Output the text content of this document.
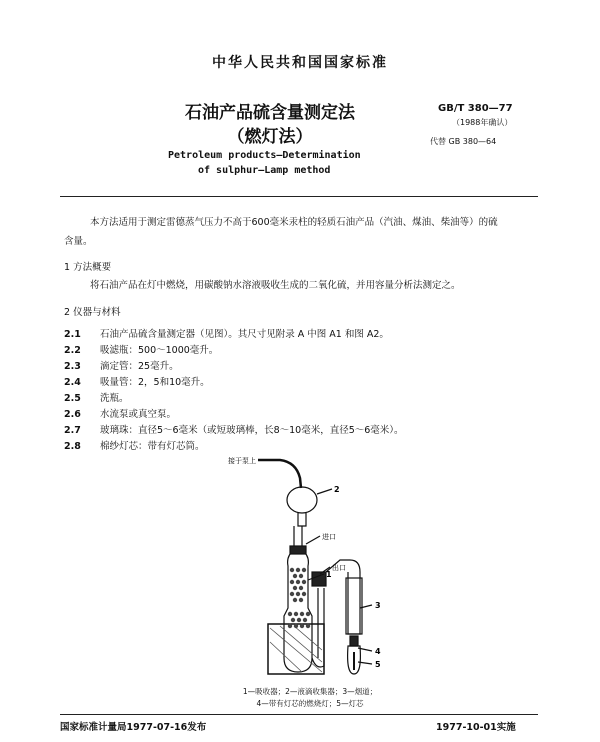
中华人民共和国国家标准

石油产品硫含量测定法

（燃灯法）

GB/T 380—77

（1988年确认）

代替 GB 380—64

Petroleum products—Determination

of sulphur—Lamp method

本方法适用于测定雷德蒸气压力不高于600毫米汞柱的轻质石油产品（汽油、煤油、柴油等）的硫

含量。

1 方法概要

将石油产品在灯中燃烧，用碳酸钠水溶液吸收生成的二氧化硫，并用容量分析法测定之。

2 仪器与材料

2.1 石油产品硫含量测定器（见图）。其尺寸见附录 A 中图 A1 和图 A2。

2.2 吸滤瓶：500～1000毫升。

2.3 滴定管：25毫升。

2.4 吸量管：2，5和10毫升。

2.5 洗瓶。

2.6 水流泵或真空泵。

2.7 玻璃珠：直径5～6毫米（或短玻璃棒，长8～10毫米，直径5～6毫米）。

2.8 棉纱灯芯：带有灯芯筒。

接于泵上
2
进口
出口
1
3
4
5

1—吸收器；2—液滴收集器；3—烟道；

4—带有灯芯的燃烧灯；5—灯芯

国家标准计量局1977-07-16发布	1977-10-01实施
